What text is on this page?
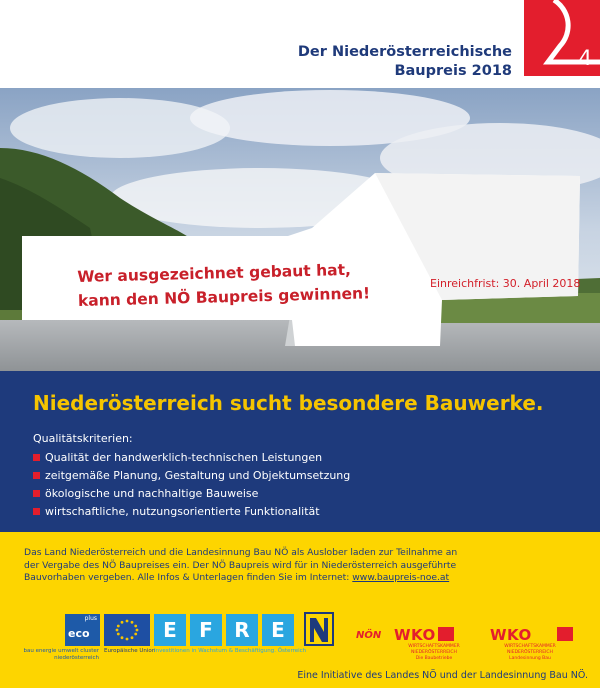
Der Niederösterreichische
Baupreis 2018
4
Einreichfrist: 30. April 2018
Wer ausgezeichnet gebaut hat,
kann den NÖ Baupreis gewinnen!
Niederösterreich sucht besondere Bauwerke.
Qualitätskriterien:
Qualität der handwerklich-technischen Leistungen
zeitgemäße Planung, Gestaltung und Objektumsetzung
ökologische und nachhaltige Bauweise
wirtschaftliche, nutzungsorientierte Funktionalität
Das Land Niederösterreich und die Landesinnung Bau NÖ als Auslober laden zur Teilnahme an
der Vergabe des NÖ Baupreises ein. Der NÖ Baupreis wird für in Niederösterreich ausgeführte
Bauvorhaben vergeben. Alle Infos & Unterlagen finden Sie im Internet: www.baupreis-noe.at
plus
eco
bau energie umwelt cluster
niederösterreich
Europäische Union
E	F	R	E
Investitionen in Wachstum & Beschäftigung. Österreich
NÖN WKO
WIRTSCHAFTSKAMMER NIEDERÖSTERREICH
Die Baubetriebe
WKO
WIRTSCHAFTSKAMMER NIEDERÖSTERREICH
Landesinnung Bau
Eine Initiative des Landes NÖ und der Landesinnung Bau NÖ.
